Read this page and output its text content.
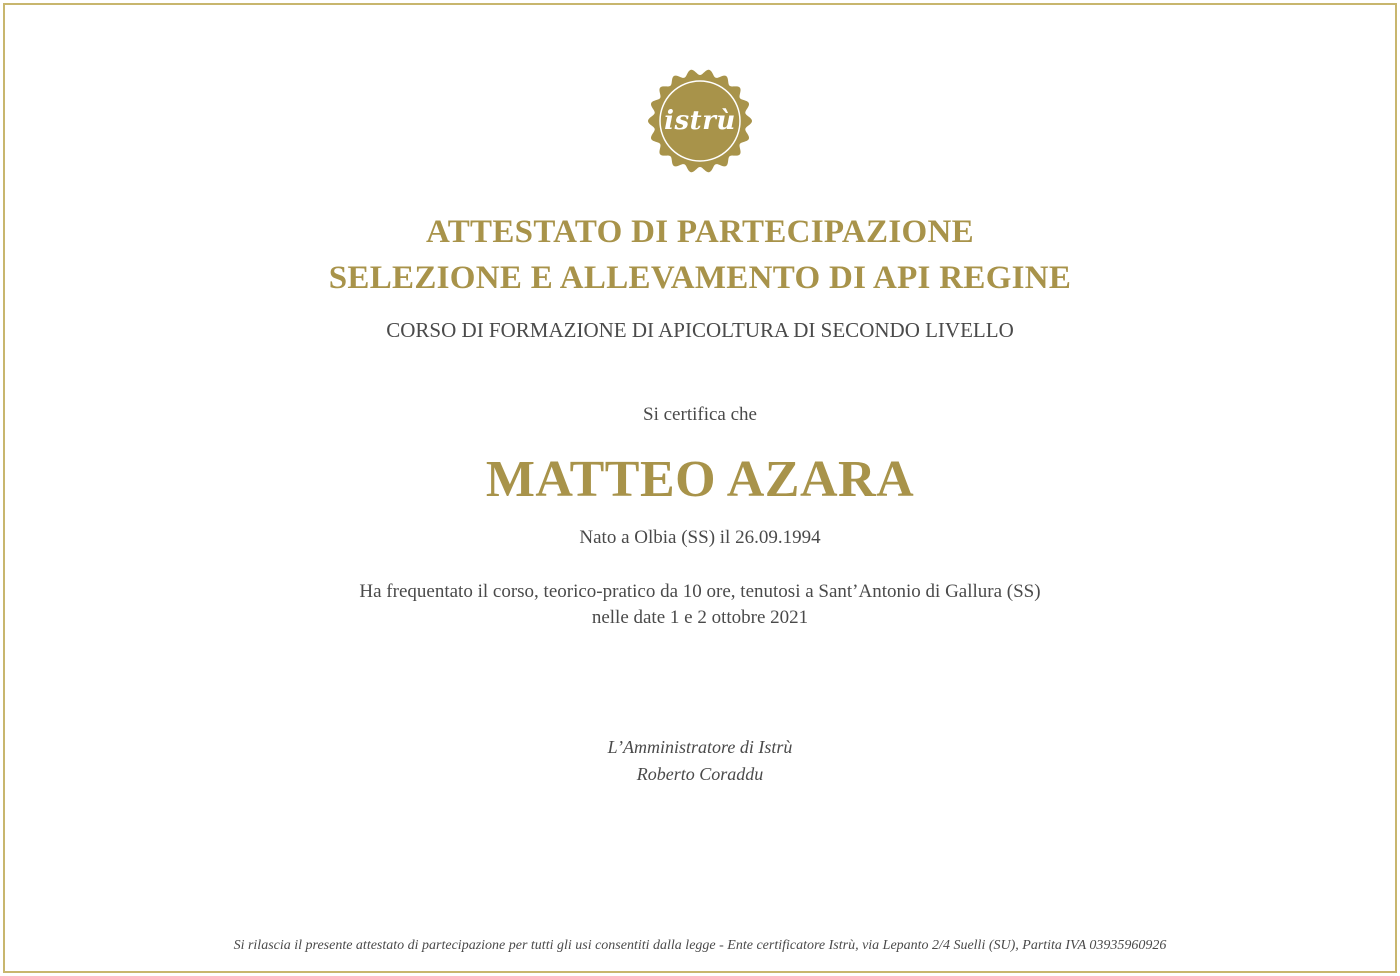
istrù
ATTESTATO DI PARTECIPAZIONE
SELEZIONE E ALLEVAMENTO DI API REGINE
CORSO DI FORMAZIONE DI APICOLTURA DI SECONDO LIVELLO
Si certifica che
MATTEO AZARA
Nato a Olbia (SS) il 26.09.1994
Ha frequentato il corso, teorico-pratico da 10 ore, tenutosi a Sant’Antonio di Gallura (SS)
nelle date 1 e 2 ottobre 2021
L’Amministratore di Istrù
Roberto Coraddu
Si rilascia il presente attestato di partecipazione per tutti gli usi consentiti dalla legge - Ente certificatore Istrù, via Lepanto 2/4 Suelli (SU), Partita IVA 03935960926
